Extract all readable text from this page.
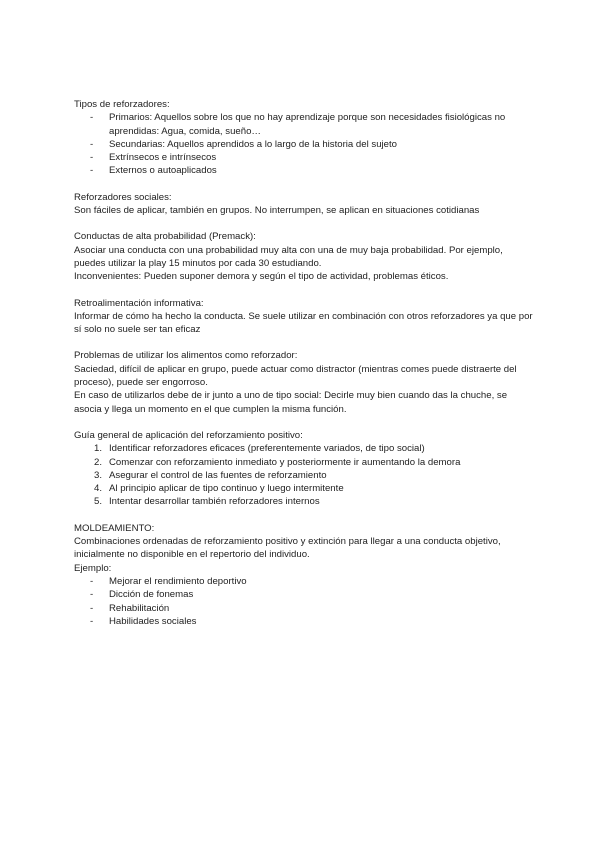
Tipos de reforzadores:

- Primarios: Aquellos sobre los que no hay aprendizaje porque son necesidades fisiológicas no aprendidas: Agua, comida, sueño…
- Secundarias: Aquellos aprendidos a lo largo de la historia del sujeto
- Extrínsecos e intrínsecos
- Externos o autoaplicados

Reforzadores sociales:

Son fáciles de aplicar, también en grupos. No interrumpen, se aplican en situaciones cotidianas

Conductas de alta probabilidad (Premack):

Asociar una conducta con una probabilidad muy alta con una de muy baja probabilidad. Por ejemplo, puedes utilizar la play 15 minutos por cada 30 estudiando.

Inconvenientes: Pueden suponer demora y según el tipo de actividad, problemas éticos.

Retroalimentación informativa:

Informar de cómo ha hecho la conducta. Se suele utilizar en combinación con otros reforzadores ya que por sí solo no suele ser tan eficaz

Problemas de utilizar los alimentos como reforzador:

Saciedad, difícil de aplicar en grupo, puede actuar como distractor (mientras comes puede distraerte del proceso), puede ser engorroso.

En caso de utilizarlos debe de ir junto a uno de tipo social: Decirle muy bien cuando das la chuche, se asocia y llega un momento en el que cumplen la misma función.

Guía general de aplicación del reforzamiento positivo:

1. Identificar reforzadores eficaces (preferentemente variados, de tipo social)
2. Comenzar con reforzamiento inmediato y posteriormente ir aumentando la demora
3. Asegurar el control de las fuentes de reforzamiento
4. Al principio aplicar de tipo continuo y luego intermitente
5. Intentar desarrollar también reforzadores internos

MOLDEAMIENTO:

Combinaciones ordenadas de reforzamiento positivo y extinción para llegar a una conducta objetivo, inicialmente no disponible en el repertorio del individuo.

Ejemplo:

- Mejorar el rendimiento deportivo
- Dicción de fonemas
- Rehabilitación
- Habilidades sociales
